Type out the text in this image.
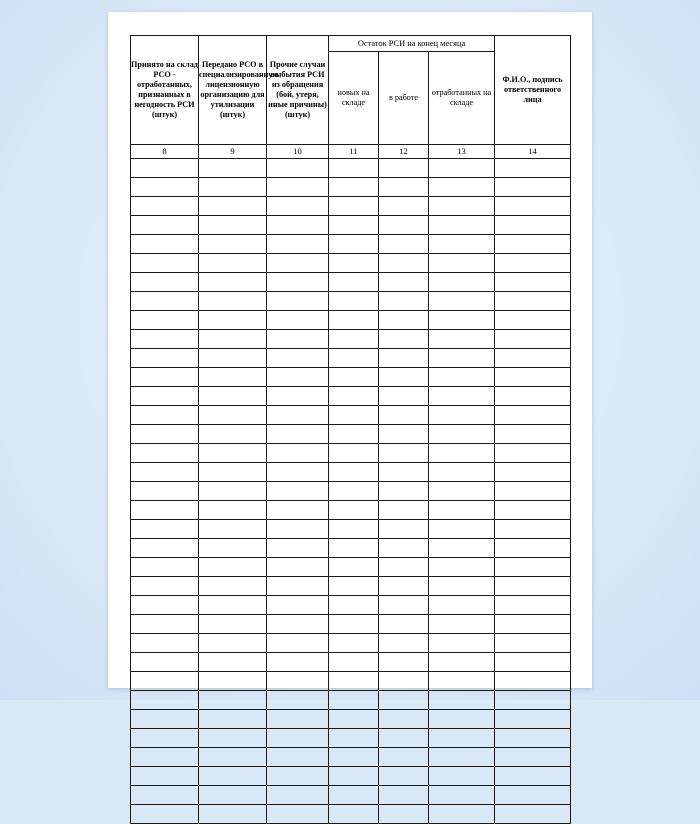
Принято на склад РСО - отработанных, признанных в негодность РСИ (штук)	Передано РСО в специализированную лицензионную организацию для утилизации (штук)	Прочие случаи выбытия РСИ из обращения (бой, утеря, иные причины) (штук)	Остаток РСИ на конец месяца			Ф.И.О., подпись ответственного лица
			новых на складе	в работе	отработанных на складе	
8	9	10	11	12	13	14
